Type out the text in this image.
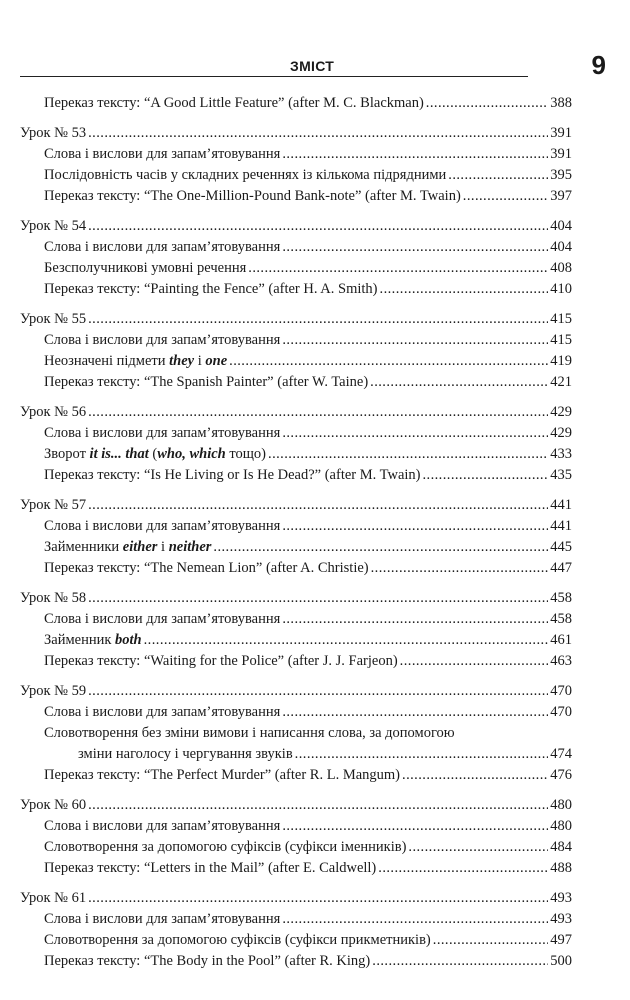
ЗМІСТ	9
Переказ тексту: “A Good Little Feature” (after M. C. Blackman) . . .	388
Урок № 53 . . .	391
Слова і вислови для запам’ятовування . . .	391
Послідовність часів у складних реченнях із кількома підрядними . . .	395
Переказ тексту: “The One-Million-Pound Bank-note” (after M. Twain) . . .	397
Урок № 54 . . .	404
Слова і вислови для запам’ятовування . . .	404
Безсполучникові умовні речення . . .	408
Переказ тексту: “Painting the Fence” (after H. A. Smith) . . .	410
Урок № 55 . . .	415
Слова і вислови для запам’ятовування . . .	415
Неозначені підмети they і one . . .	419
Переказ тексту: “The Spanish Painter” (after W. Taine) . . .	421
Урок № 56 . . .	429
Слова і вислови для запам’ятовування . . .	429
Зворот it is... that (who, which тощо) . . .	433
Переказ тексту: “Is He Living or Is He Dead?” (after M. Twain) . . .	435
Урок № 57 . . .	441
Слова і вислови для запам’ятовування . . .	441
Займенники either і neither . . .	445
Переказ тексту: “The Nemean Lion” (after A. Christie) . . .	447
Урок № 58 . . .	458
Слова і вислови для запам’ятовування . . .	458
Займенник both . . .	461
Переказ тексту: “Waiting for the Police” (after J. J. Farjeon) . . .	463
Урок № 59 . . .	470
Слова і вислови для запам’ятовування . . .	470
Словотворення без зміни вимови і написання слова, за допомогою
зміни наголосу і чергування звуків . . .	474
Переказ тексту: “The Perfect Murder” (after R. L. Mangum) . . .	476
Урок № 60 . . .	480
Слова і вислови для запам’ятовування . . .	480
Словотворення за допомогою суфіксів (суфікси іменників) . . .	484
Переказ тексту: “Letters in the Mail” (after E. Caldwell) . . .	488
Урок № 61 . . .	493
Слова і вислови для запам’ятовування . . .	493
Словотворення за допомогою суфіксів (суфікси прикметників) . . .	497
Переказ тексту: “The Body in the Pool” (after R. King) . . .	500
